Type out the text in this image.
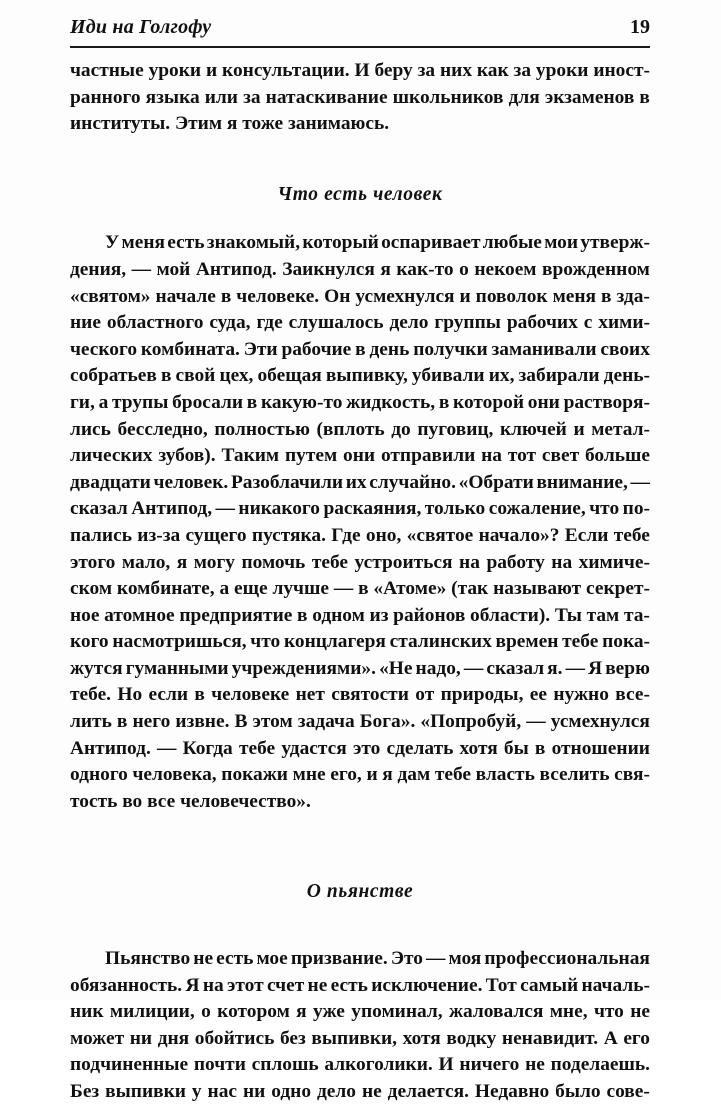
Иди на Голгофу	19
частные уроки и консультации. И беру за них как за уроки иност-
ранного языка или за натаскивание школьников для экзаменов в
институты. Этим я тоже занимаюсь.
Что есть человек
У меня есть знакомый, который оспаривает любые мои утверж-
дения, — мой Антипод. Заикнулся я как-то о некоем врожденном
«святом» начале в человеке. Он усмехнулся и поволок меня в зда-
ние областного суда, где слушалось дело группы рабочих с хими-
ческого комбината. Эти рабочие в день получки заманивали своих
собратьев в свой цех, обещая выпивку, убивали их, забирали день-
ги, а трупы бросали в какую-то жидкость, в которой они растворя-
лись бесследно, полностью (вплоть до пуговиц, ключей и метал-
лических зубов). Таким путем они отправили на тот свет больше
двадцати человек. Разоблачили их случайно. «Обрати внимание, —
сказал Антипод, — никакого раскаяния, только сожаление, что по-
пались из-за сущего пустяка. Где оно, «святое начало»? Если тебе
этого мало, я могу помочь тебе устроиться на работу на химиче-
ском комбинате, а еще лучше — в «Атоме» (так называют секрет-
ное атомное предприятие в одном из районов области). Ты там та-
кого насмотришься, что концлагеря сталинских времен тебе пока-
жутся гуманными учреждениями». «Не надо, — сказал я. — Я верю
тебе. Но если в человеке нет святости от природы, ее нужно все-
лить в него извне. В этом задача Бога». «Попробуй, — усмехнулся
Антипод. — Когда тебе удастся это сделать хотя бы в отношении
одного человека, покажи мне его, и я дам тебе власть вселить свя-
тость во все человечество».
О пьянстве
Пьянство не есть мое призвание. Это — моя профессиональная
обязанность. Я на этот счет не есть исключение. Тот самый началь-
ник милиции, о котором я уже упоминал, жаловался мне, что не
может ни дня обойтись без выпивки, хотя водку ненавидит. А его
подчиненные почти сплошь алкоголики. И ничего не поделаешь.
Без выпивки у нас ни одно дело не делается. Недавно было сове-
